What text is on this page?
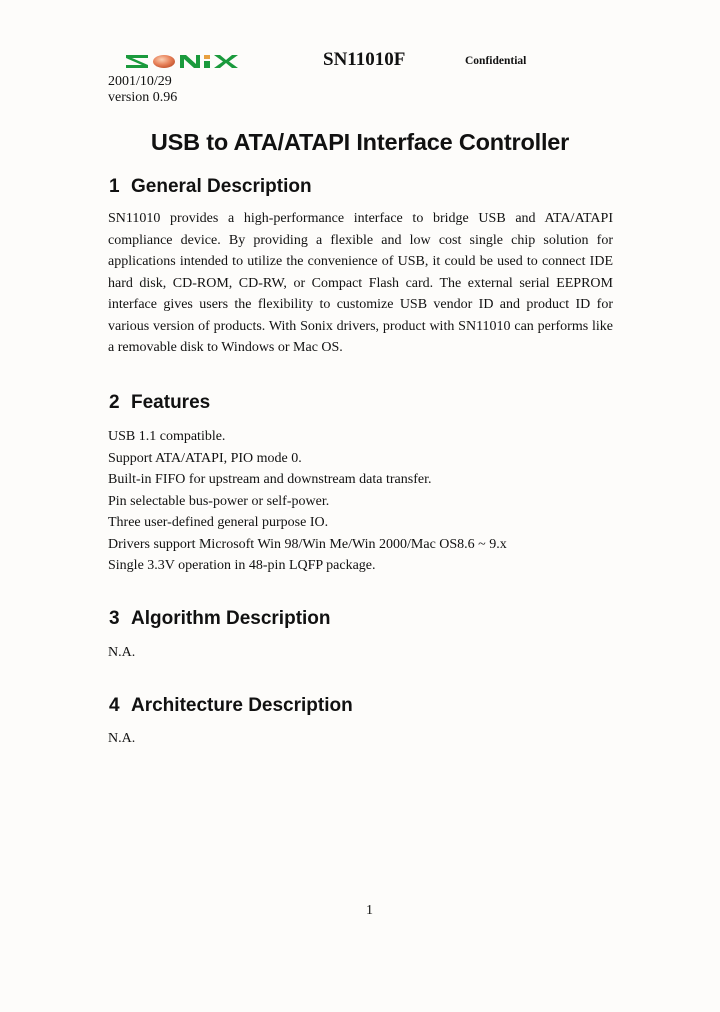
SN11010F	Confidential
2001/10/29
version 0.96
USB to ATA/ATAPI Interface Controller
1 General Description
SN11010 provides a high-performance interface to bridge USB and ATA/ATAPI compliance device. By providing a flexible and low cost single chip solution for applications intended to utilize the convenience of USB, it could be used to connect IDE hard disk, CD-ROM, CD-RW, or Compact Flash card. The external serial EEPROM interface gives users the flexibility to customize USB vendor ID and product ID for various version of products. With Sonix drivers, product with SN11010 can performs like a removable disk to Windows or Mac OS.
2 Features
USB 1.1 compatible.
Support ATA/ATAPI, PIO mode 0.
Built-in FIFO for upstream and downstream data transfer.
Pin selectable bus-power or self-power.
Three user-defined general purpose IO.
Drivers support Microsoft Win 98/Win Me/Win 2000/Mac OS8.6 ~ 9.x
Single 3.3V operation in 48-pin LQFP package.
3 Algorithm Description
N.A.
4 Architecture Description
N.A.
1
